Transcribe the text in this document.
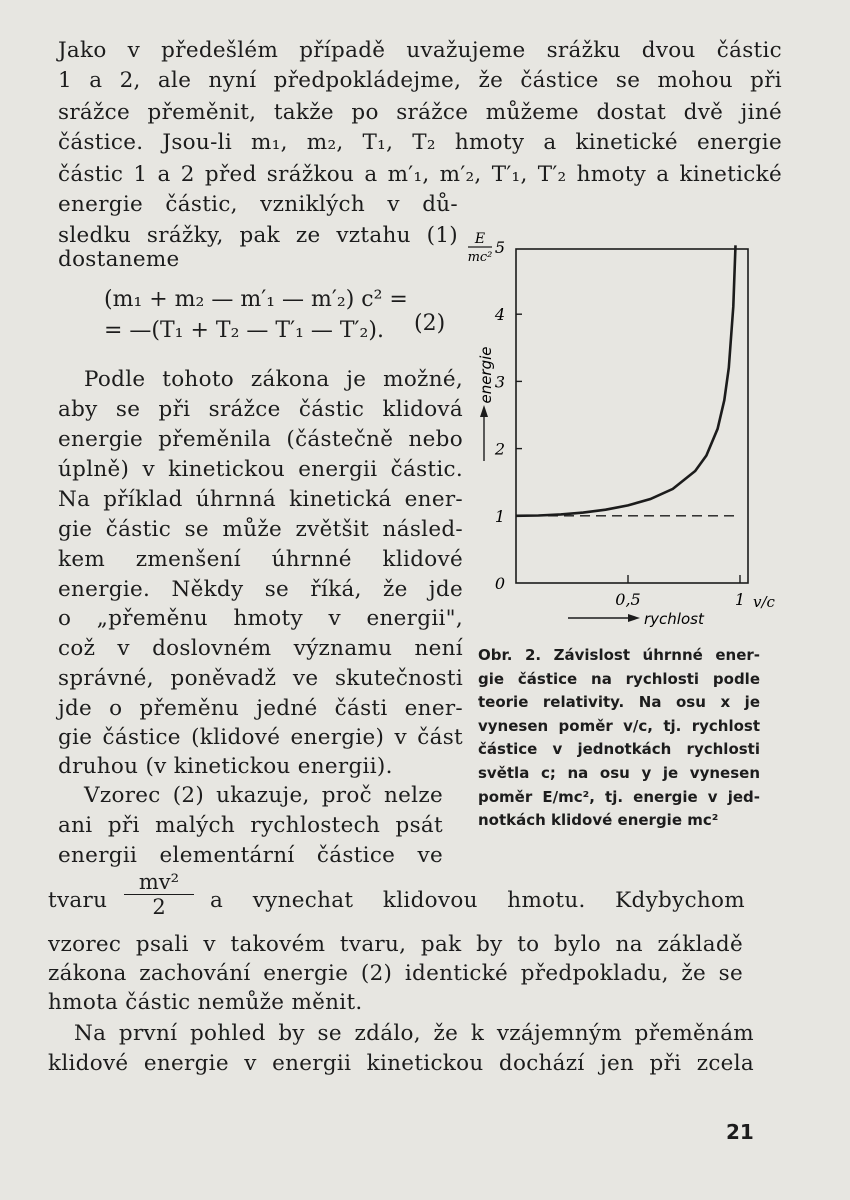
Jako v předešlém případě uvažujeme srážku dvou částic

1 a 2, ale nyní předpokládejme, že částice se mohou při

srážce přeměnit, takže po srážce můžeme dostat dvě jiné

částice. Jsou-li m₁, m₂, T₁, T₂ hmoty a kinetické energie

částic 1 a 2 před srážkou a m′₁, m′₂, T′₁, T′₂ hmoty a kinetické

energie částic, vzniklých v dů-

sledku srážky, pak ze vztahu (1)

dostaneme

(m₁ + m₂ — m′₁ — m′₂) c² =

= —(T₁ + T₂ — T′₁ — T′₂). (2)

Podle tohoto zákona je možné,

aby se při srážce částic klidová

energie přeměnila (částečně nebo

úplně) v kinetickou energii částic.

Na příklad úhrnná kinetická ener-

gie částic se může zvětšit násled-

kem zmenšení úhrnné klidové

energie. Někdy se říká, že jde

o „přeměnu hmoty v energii",

což v doslovném významu není

správné, poněvadž ve skutečnosti

jde o přeměnu jedné části ener-

gie částice (klidové energie) v část

druhou (v kinetickou energii).

Vzorec (2) ukazuje, proč nelze

ani při malých rychlostech psát

energii elementární částice ve

tvaru $\frac{\text{mv²}}{2}$ a vynechat klidovou hmotu. Kdybychom

vzorec psali v takovém tvaru, pak by to bylo na základě

zákona zachování energie (2) identické předpokladu, že se

hmota částic nemůže měnit.

Na první pohled by se zdálo, že k vzájemným přeměnám

klidové energie v energii kinetickou dochází jen při zcela

0
1
2
3
4
5
0,5	1 v/c
rychlost
energie
E
mc²

Obr. 2. Závislost úhrnné ener-

gie částice na rychlosti podle

teorie relativity. Na osu x je

vynesen poměr v/c, tj. rychlost

částice v jednotkách rychlosti

světla c; na osu y je vynesen

poměr E/mc², tj. energie v jed-

notkách klidové energie mc²

21
